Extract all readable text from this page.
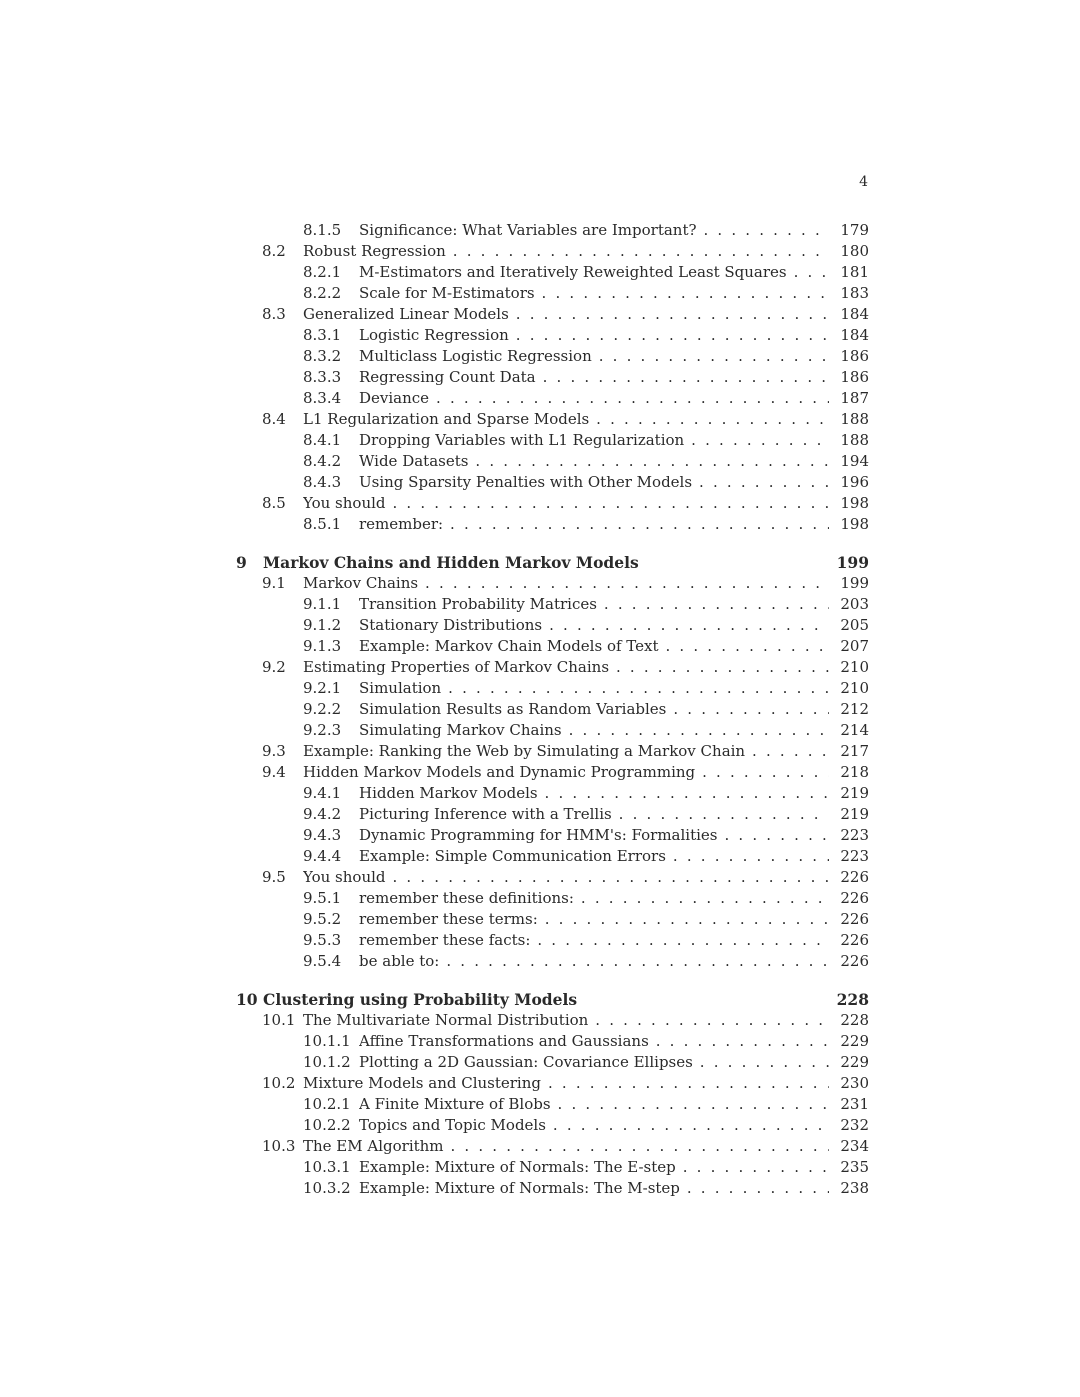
4
8.1.5 Significance: What Variables are Important? . . .	179
8.2 Robust Regression . . .	180
8.2.1 M-Estimators and Iteratively Reweighted Least Squares . . .	181
8.2.2 Scale for M-Estimators . . .	183
8.3 Generalized Linear Models . . .	184
8.3.1 Logistic Regression . . .	184
8.3.2 Multiclass Logistic Regression . . .	186
8.3.3 Regressing Count Data . . .	186
8.3.4 Deviance . . .	187
8.4 L1 Regularization and Sparse Models . . .	188
8.4.1 Dropping Variables with L1 Regularization . . .	188
8.4.2 Wide Datasets . . .	194
8.4.3 Using Sparsity Penalties with Other Models . . .	196
8.5 You should . . .	198
8.5.1 remember: . . .	198
9 Markov Chains and Hidden Markov Models	199
9.1 Markov Chains . . .	199
9.1.1 Transition Probability Matrices . . .	203
9.1.2 Stationary Distributions . . .	205
9.1.3 Example: Markov Chain Models of Text . . .	207
9.2 Estimating Properties of Markov Chains . . .	210
9.2.1 Simulation . . .	210
9.2.2 Simulation Results as Random Variables . . .	212
9.2.3 Simulating Markov Chains . . .	214
9.3 Example: Ranking the Web by Simulating a Markov Chain . . .	217
9.4 Hidden Markov Models and Dynamic Programming . . .	218
9.4.1 Hidden Markov Models . . .	219
9.4.2 Picturing Inference with a Trellis . . .	219
9.4.3 Dynamic Programming for HMM's: Formalities . . .	223
9.4.4 Example: Simple Communication Errors . . .	223
9.5 You should . . .	226
9.5.1 remember these definitions: . . .	226
9.5.2 remember these terms: . . .	226
9.5.3 remember these facts: . . .	226
9.5.4 be able to: . . .	226
10 Clustering using Probability Models	228
10.1 The Multivariate Normal Distribution . . .	228
10.1.1 Affine Transformations and Gaussians . . .	229
10.1.2 Plotting a 2D Gaussian: Covariance Ellipses . . .	229
10.2 Mixture Models and Clustering . . .	230
10.2.1 A Finite Mixture of Blobs . . .	231
10.2.2 Topics and Topic Models . . .	232
10.3 The EM Algorithm . . .	234
10.3.1 Example: Mixture of Normals: The E-step . . .	235
10.3.2 Example: Mixture of Normals: The M-step . . .	238
